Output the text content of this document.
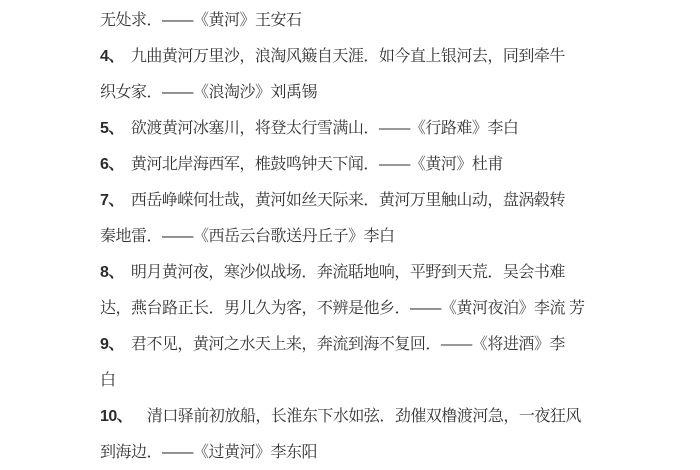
无处求．——《黄河》王安石
4、 九曲黄河万里沙，浪淘风簸自天涯．如今直上银河去，同到牵牛
织女家．——《浪淘沙》刘禹锡
5、 欲渡黄河冰塞川，将登太行雪满山．——《行路难》李白
6、 黄河北岸海西军，椎鼓鸣钟天下闻．——《黄河》杜甫
7、 西岳峥嵘何壮哉，黄河如丝天际来．黄河万里触山动，盘涡毂转
秦地雷．——《西岳云台歌送丹丘子》李白
8、 明月黄河夜，寒沙似战场．奔流聒地响，平野到天荒．吴会书难
达，燕台路正长．男儿久为客，不辨是他乡．——《黄河夜泊》李流 芳
9、 君不见，黄河之水天上来，奔流到海不复回．——《将进酒》李
白
10、　清口驿前初放船，长淮东下水如弦．劲催双橹渡河急，一夜狂风
到海边．——《过黄河》李东阳
